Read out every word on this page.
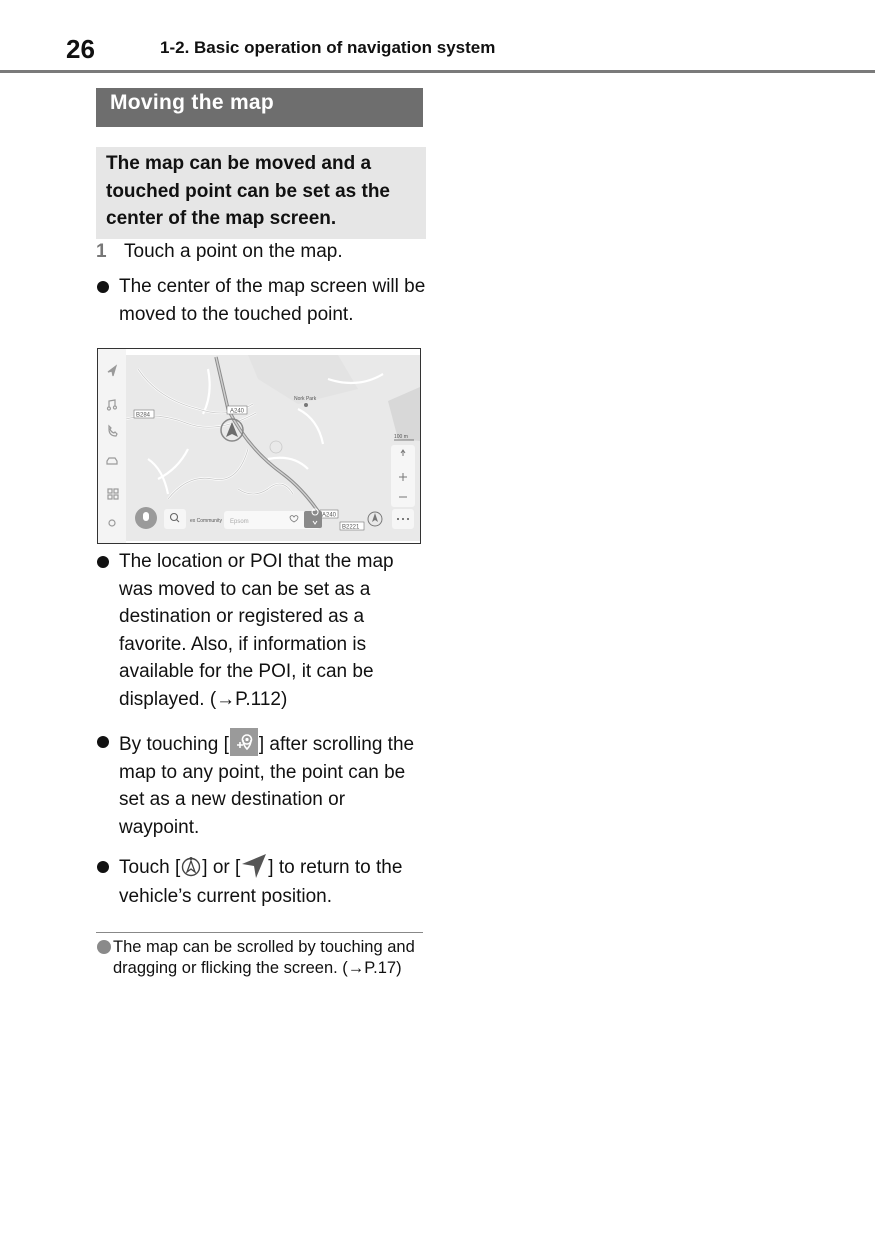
26	1-2. Basic operation of navigation system
Moving the map
The map can be moved and a touched point can be set as the center of the map screen.
1 Touch a point on the map.
The center of the map screen will be moved to the touched point.
B284
A240
A240
B2221
Nork Park
ex Community
100 m
Epsom
The location or POI that the map was moved to can be set as a destination or registered as a favorite. Also, if information is available for the POI, it can be displayed. (→P.112)
By touching [ ] after scrolling the map to any point, the point can be set as a new destination or waypoint.
Touch [ ] or [ ] to return to the vehicle’s current position.
The map can be scrolled by touching and dragging or flicking the screen. (→P.17)
